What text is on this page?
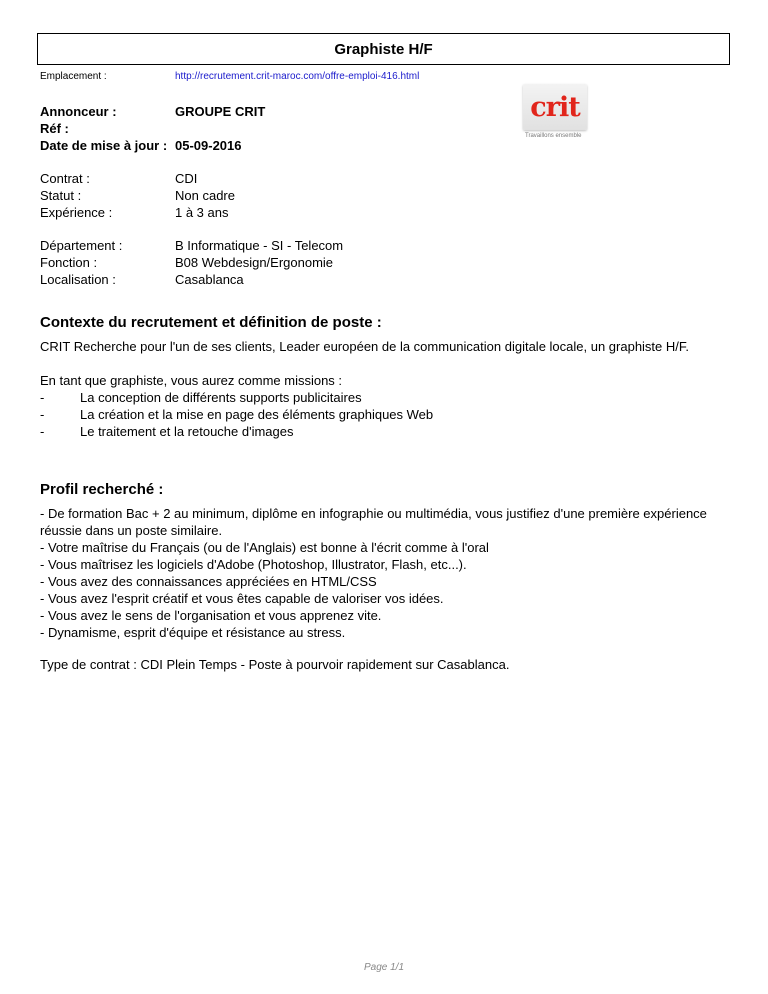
Graphiste H/F
Emplacement :	http://recrutement.crit-maroc.com/offre-emploi-416.html
Annonceur :	GROUPE CRIT
Réf :
Date de mise à jour : 05-09-2016
crit
Travaillons ensemble
Contrat :	CDI
Statut :	Non cadre
Expérience :	1 à 3 ans
Département :	B Informatique - SI - Telecom
Fonction :	B08 Webdesign/Ergonomie
Localisation :	Casablanca
Contexte du recrutement et définition de poste :

CRIT Recherche pour l'un de ses clients, Leader européen de la communication digitale locale, un graphiste H/F.

En tant que graphiste, vous aurez comme missions :

-	La conception de différents supports publicitaires
-	La création et la mise en page des éléments graphiques Web
-	Le traitement et la retouche d'images
Profil recherché :
- De formation Bac + 2 au minimum, diplôme en infographie ou multimédia, vous justifiez d'une première expérience réussie dans un poste similaire.
- Votre maîtrise du Français (ou de l'Anglais) est bonne à l'écrit comme à l'oral
- Vous maîtrisez les logiciels d'Adobe (Photoshop, Illustrator, Flash, etc...).
- Vous avez des connaissances appréciées en HTML/CSS
- Vous avez l'esprit créatif et vous êtes capable de valoriser vos idées.
- Vous avez le sens de l'organisation et vous apprenez vite.
- Dynamisme, esprit d'équipe et résistance au stress.

Type de contrat : CDI Plein Temps - Poste à pourvoir rapidement sur Casablanca.

Page 1/1
